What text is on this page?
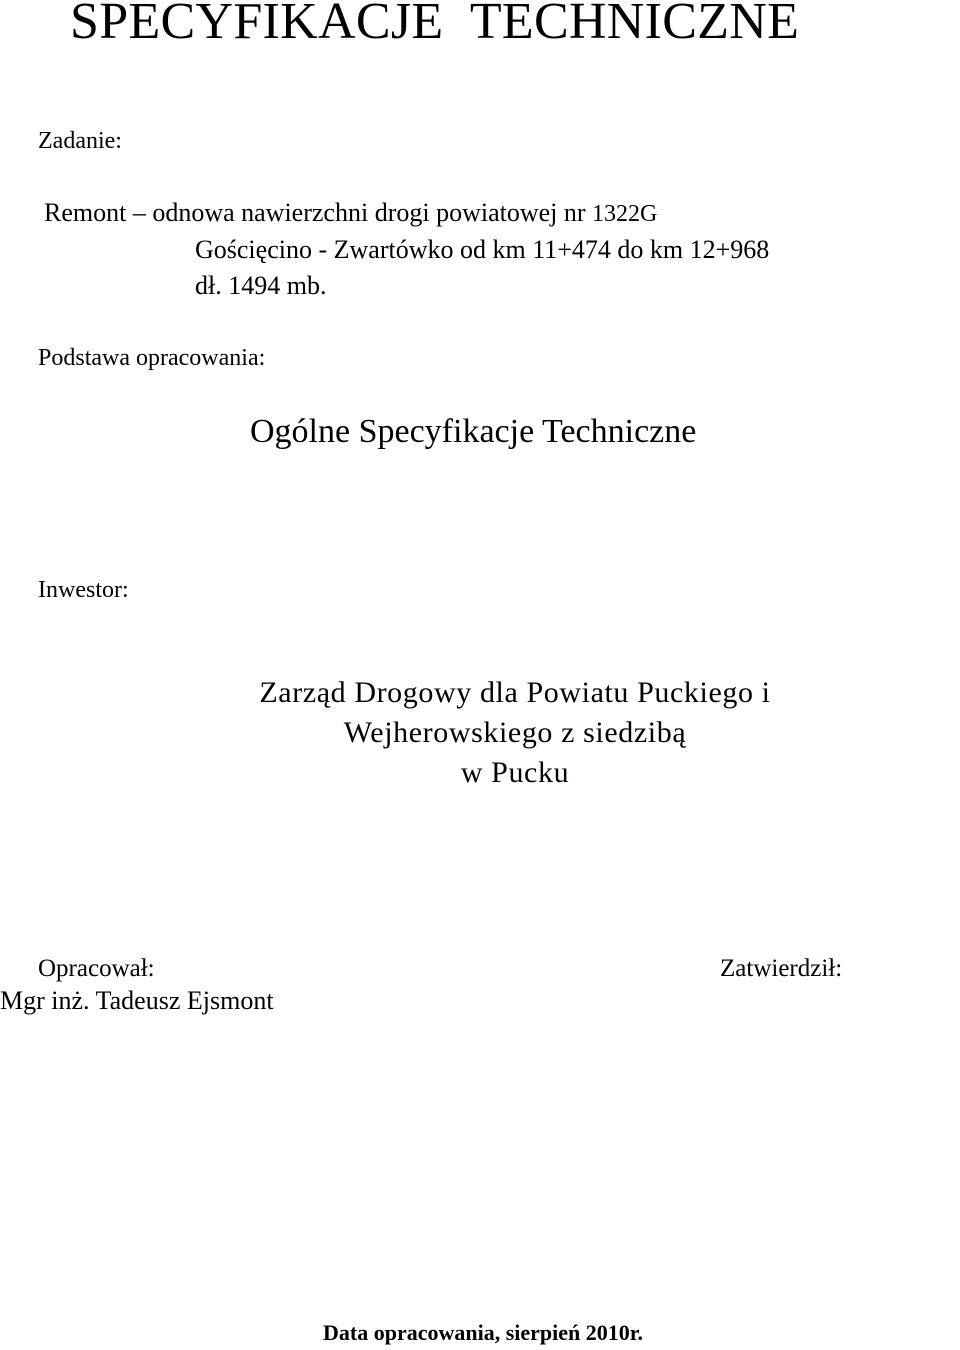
SPECYFIKACJE TECHNICZNE
Zadanie:
Remont – odnowa nawierzchni drogi powiatowej nr 1322G
Gościęcino - Zwartówko od km 11+474 do km 12+968
dł. 1494 mb.
Podstawa opracowania:
Ogólne Specyfikacje Techniczne
Inwestor:
Zarząd Drogowy dla Powiatu Puckiego i
Wejherowskiego z siedzibą
w Pucku
Opracował:
Mgr inż. Tadeusz Ejsmont
Zatwierdził:
Data opracowania, sierpień 2010r.
